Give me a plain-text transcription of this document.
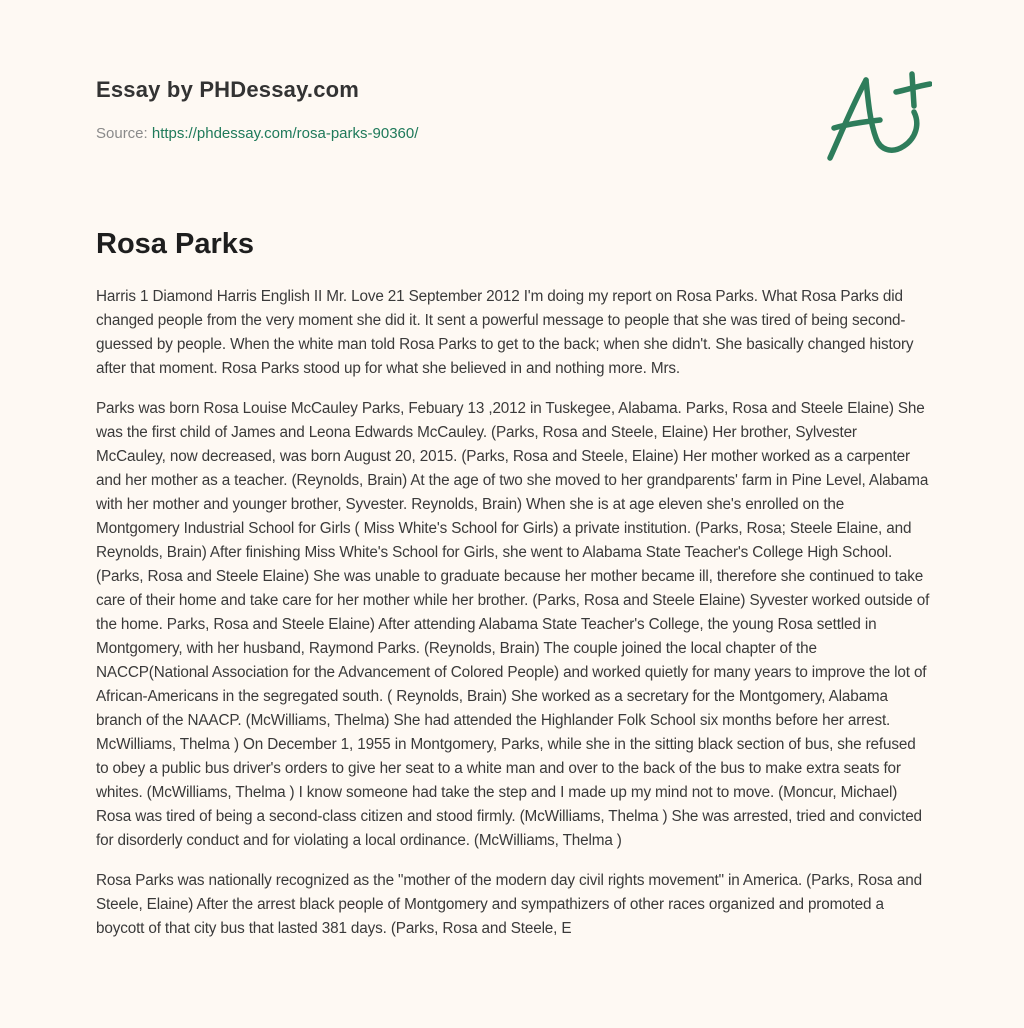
Essay by PHDessay.com
Source: https://phdessay.com/rosa-parks-90360/
Rosa Parks

Harris 1 Diamond Harris English II Mr. Love 21 September 2012 I'm doing my report on Rosa Parks. What Rosa Parks did changed people from the very moment she did it. It sent a powerful message to people that she was tired of being second-guessed by people. When the white man told Rosa Parks to get to the back; when she didn't. She basically changed history after that moment. Rosa Parks stood up for what she believed in and nothing more. Mrs.

Parks was born Rosa Louise McCauley Parks, Febuary 13 ,2012 in Tuskegee, Alabama. Parks, Rosa and Steele Elaine) She was the first child of James and Leona Edwards McCauley. (Parks, Rosa and Steele, Elaine) Her brother, Sylvester McCauley, now decreased, was born August 20, 2015. (Parks, Rosa and Steele, Elaine) Her mother worked as a carpenter and her mother as a teacher. (Reynolds, Brain) At the age of two she moved to her grandparents' farm in Pine Level, Alabama with her mother and younger brother, Syvester. Reynolds, Brain) When she is at age eleven she's enrolled on the Montgomery Industrial School for Girls ( Miss White's School for Girls) a private institution. (Parks, Rosa; Steele Elaine, and Reynolds, Brain) After finishing Miss White's School for Girls, she went to Alabama State Teacher's College High School. (Parks, Rosa and Steele Elaine) She was unable to graduate because her mother became ill, therefore she continued to take care of their home and take care for her mother while her brother. (Parks, Rosa and Steele Elaine) Syvester worked outside of the home. Parks, Rosa and Steele Elaine) After attending Alabama State Teacher's College, the young Rosa settled in Montgomery, with her husband, Raymond Parks. (Reynolds, Brain) The couple joined the local chapter of the NACCP(National Association for the Advancement of Colored People) and worked quietly for many years to improve the lot of African-Americans in the segregated south. ( Reynolds, Brain) She worked as a secretary for the Montgomery, Alabama branch of the NAACP. (McWilliams, Thelma) She had attended the Highlander Folk School six months before her arrest. McWilliams, Thelma ) On December 1, 1955 in Montgomery, Parks, while she in the sitting black section of bus, she refused to obey a public bus driver's orders to give her seat to a white man and over to the back of the bus to make extra seats for whites. (McWilliams, Thelma ) I know someone had take the step and I made up my mind not to move. (Moncur, Michael) Rosa was tired of being a second-class citizen and stood firmly. (McWilliams, Thelma ) She was arrested, tried and convicted for disorderly conduct and for violating a local ordinance. (McWilliams, Thelma )

Rosa Parks was nationally recognized as the "mother of the modern day civil rights movement" in America. (Parks, Rosa and Steele, Elaine) After the arrest black people of Montgomery and sympathizers of other races organized and promoted a boycott of that city bus that lasted 381 days. (Parks, Rosa and Steele, E
